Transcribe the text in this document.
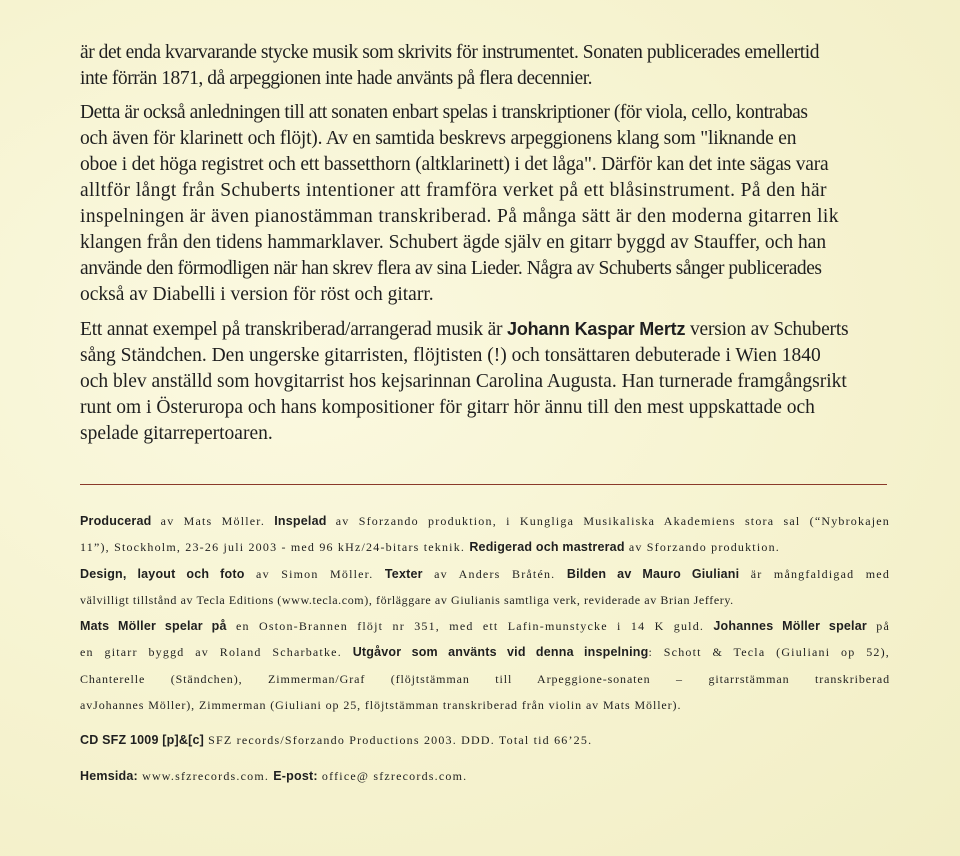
är det enda kvarvarande stycke musik som skrivits för instrumentet. Sonaten publicerades emellertid
inte förrän 1871, då arpeggionen inte hade använts på flera decennier.

Detta är också anledningen till att sonaten enbart spelas i transkriptioner (för viola, cello, kontrabas
och även för klarinett och flöjt). Av en samtida beskrevs arpeggionens klang som "liknande en
oboe i det höga registret och ett bassetthorn (altklarinett) i det låga". Därför kan det inte sägas vara
alltför långt från Schuberts intentioner att framföra verket på ett blåsinstrument. På den här
inspelningen är även pianostämman transkriberad. På många sätt är den moderna gitarren lik
klangen från den tidens hammarklaver. Schubert ägde själv en gitarr byggd av Stauffer, och han
använde den förmodligen när han skrev flera av sina Lieder. Några av Schuberts sånger publicerades
också av Diabelli i version för röst och gitarr.

Ett annat exempel på transkriberad/arrangerad musik är Johann Kaspar Mertz version av Schuberts
sång Ständchen. Den ungerske gitarristen, flöjtisten (!) och tonsättaren debuterade i Wien 1840
och blev anställd som hovgitarrist hos kejsarinnan Carolina Augusta. Han turnerade framgångsrikt
runt om i Österuropa och hans kompositioner för gitarr hör ännu till den mest uppskattade och
spelade gitarrepertoaren.

Producerad av Mats Möller. Inspelad av Sforzando produktion, i Kungliga Musikaliska Akademiens stora sal (“Nybrokajen
11”), Stockholm, 23-26 juli 2003 - med 96 kHz/24-bitars teknik. Redigerad och mastrerad av Sforzando produktion.
Design, layout och foto av Simon Möller. Texter av Anders Bråtén. Bilden av Mauro Giuliani är mångfaldigad med
välvilligt tillstånd av Tecla Editions (www.tecla.com), förläggare av Giulianis samtliga verk, reviderade av Brian Jeffery.
Mats Möller spelar på en Oston-Brannen flöjt nr 351, med ett Lafin-munstycke i 14 K guld. Johannes Möller spelar på
en gitarr byggd av Roland Scharbatke. Utgåvor som använts vid denna inspelning: Schott & Tecla (Giuliani op 52),
Chanterelle (Ständchen), Zimmerman/Graf (flöjtstämman till Arpeggione-sonaten – gitarrstämman transkriberad
avJohannes Möller), Zimmerman (Giuliani op 25, flöjtstämman transkriberad från violin av Mats Möller).
CD SFZ 1009 [p]&[c] SFZ records/Sforzando Productions 2003. DDD. Total tid 66’25.
Hemsida: www.sfzrecords.com. E-post: office@ sfzrecords.com.
